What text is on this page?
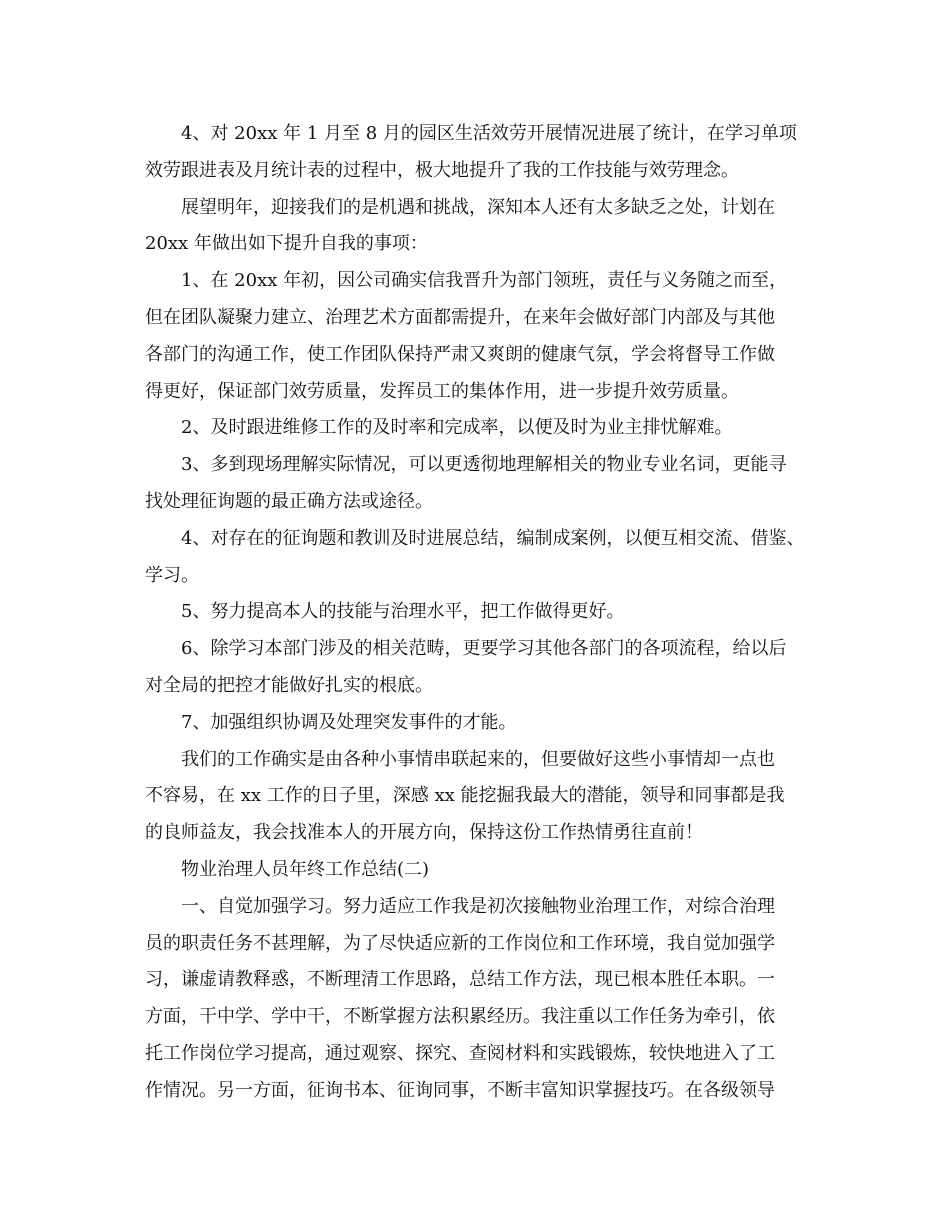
4、对 20xx 年 1 月至 8 月的园区生活效劳开展情况进展了统计，在学习单项
效劳跟进表及月统计表的过程中，极大地提升了我的工作技能与效劳理念。
展望明年，迎接我们的是机遇和挑战，深知本人还有太多缺乏之处，计划在
20xx 年做出如下提升自我的事项：
1、在 20xx 年初，因公司确实信我晋升为部门领班，责任与义务随之而至，
但在团队凝聚力建立、治理艺术方面都需提升，在来年会做好部门内部及与其他
各部门的沟通工作，使工作团队保持严肃又爽朗的健康气氛，学会将督导工作做
得更好，保证部门效劳质量，发挥员工的集体作用，进一步提升效劳质量。
2、及时跟进维修工作的及时率和完成率，以便及时为业主排忧解难。
3、多到现场理解实际情况，可以更透彻地理解相关的物业专业名词，更能寻
找处理征询题的最正确方法或途径。
4、对存在的征询题和教训及时进展总结，编制成案例，以便互相交流、借鉴、
学习。
5、努力提高本人的技能与治理水平，把工作做得更好。
6、除学习本部门涉及的相关范畴，更要学习其他各部门的各项流程，给以后
对全局的把控才能做好扎实的根底。
7、加强组织协调及处理突发事件的才能。
我们的工作确实是由各种小事情串联起来的，但要做好这些小事情却一点也
不容易，在 xx 工作的日子里，深感 xx 能挖掘我最大的潜能，领导和同事都是我
的良师益友，我会找准本人的开展方向，保持这份工作热情勇往直前！
物业治理人员年终工作总结(二)
一、自觉加强学习。努力适应工作我是初次接触物业治理工作，对综合治理
员的职责任务不甚理解，为了尽快适应新的工作岗位和工作环境，我自觉加强学
习，谦虚请教释惑，不断理清工作思路，总结工作方法，现已根本胜任本职。一
方面，干中学、学中干，不断掌握方法积累经历。我注重以工作任务为牵引，依
托工作岗位学习提高，通过观察、探究、查阅材料和实践锻炼，较快地进入了工
作情况。另一方面，征询书本、征询同事，不断丰富知识掌握技巧。在各级领导
